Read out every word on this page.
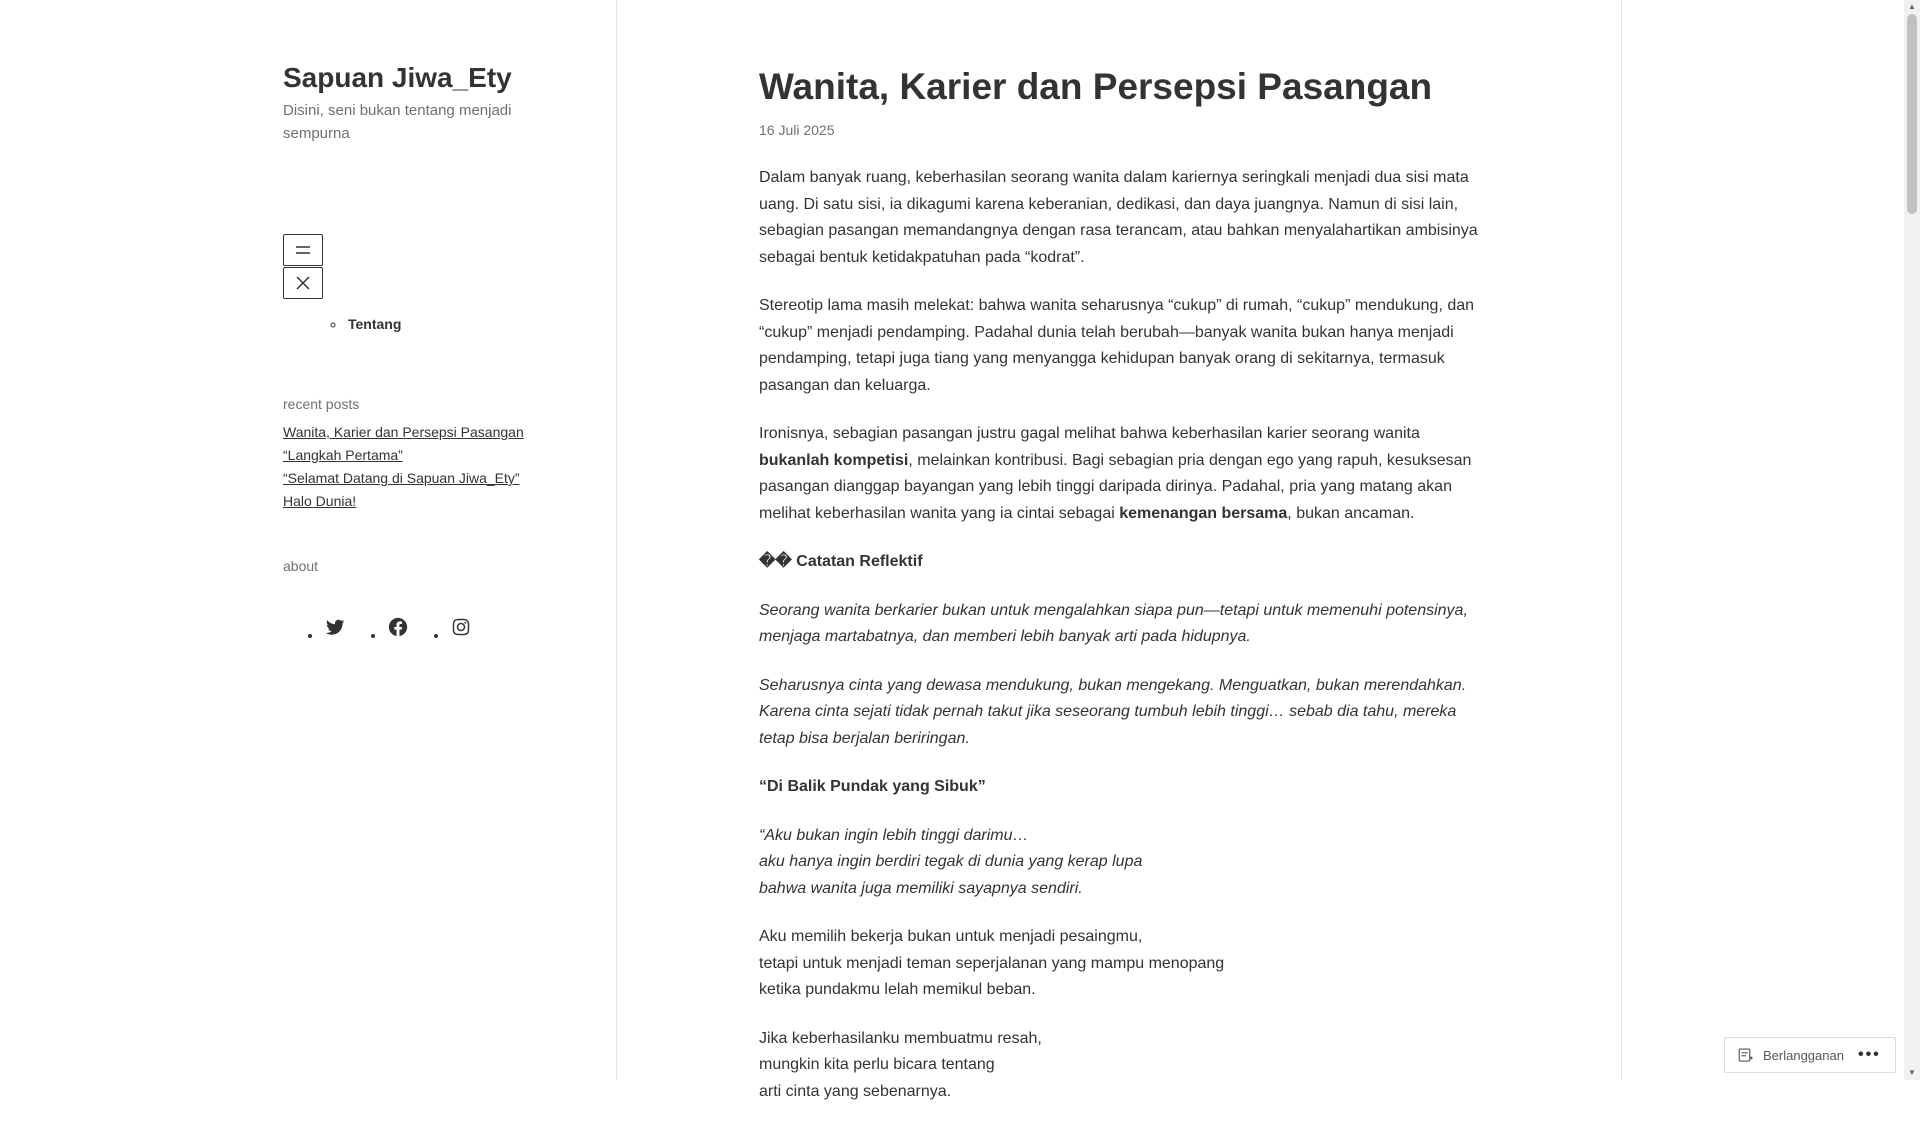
Sapuan Jiwa_Ety
Disini, seni bukan tentang menjadi sempurna
◦ Tentang
recent posts
Wanita, Karier dan Persepsi Pasangan
“Langkah Pertama”
“Selamat Datang di Sapuan Jiwa_Ety”
Halo Dunia!
about
Wanita, Karier dan Persepsi Pasangan
16 Juli 2025

Dalam banyak ruang, keberhasilan seorang wanita dalam kariernya seringkali menjadi dua sisi mata uang. Di satu sisi, ia dikagumi karena keberanian, dedikasi, dan daya juangnya. Namun di sisi lain, sebagian pasangan memandangnya dengan rasa terancam, atau bahkan menyalahartikan ambisinya sebagai bentuk ketidakpatuhan pada “kodrat”.

Stereotip lama masih melekat: bahwa wanita seharusnya “cukup” di rumah, “cukup” mendukung, dan “cukup” menjadi pendamping. Padahal dunia telah berubah—banyak wanita bukan hanya menjadi pendamping, tetapi juga tiang yang menyangga kehidupan banyak orang di sekitarnya, termasuk pasangan dan keluarga.

Ironisnya, sebagian pasangan justru gagal melihat bahwa keberhasilan karier seorang wanita bukanlah kompetisi, melainkan kontribusi. Bagi sebagian pria dengan ego yang rapuh, kesuksesan pasangan dianggap bayangan yang lebih tinggi daripada dirinya. Padahal, pria yang matang akan melihat keberhasilan wanita yang ia cintai sebagai kemenangan bersama, bukan ancaman.

�� Catatan Reflektif

Seorang wanita berkarier bukan untuk mengalahkan siapa pun—tetapi untuk memenuhi potensinya, menjaga martabatnya, dan memberi lebih banyak arti pada hidupnya.

Seharusnya cinta yang dewasa mendukung, bukan mengekang. Menguatkan, bukan merendahkan. Karena cinta sejati tidak pernah takut jika seseorang tumbuh lebih tinggi… sebab dia tahu, mereka tetap bisa berjalan beriringan.

“Di Balik Pundak yang Sibuk”

“Aku bukan ingin lebih tinggi darimu…
aku hanya ingin berdiri tegak di dunia yang kerap lupa
bahwa wanita juga memiliki sayapnya sendiri.

Aku memilih bekerja bukan untuk menjadi pesaingmu,
tetapi untuk menjadi teman seperjalanan yang mampu menopang
ketika pundakmu lelah memikul beban.

Jika keberhasilanku membuatmu resah,
mungkin kita perlu bicara tentang
arti cinta yang sebenarnya.

▲
▼
Berlangganan •••
